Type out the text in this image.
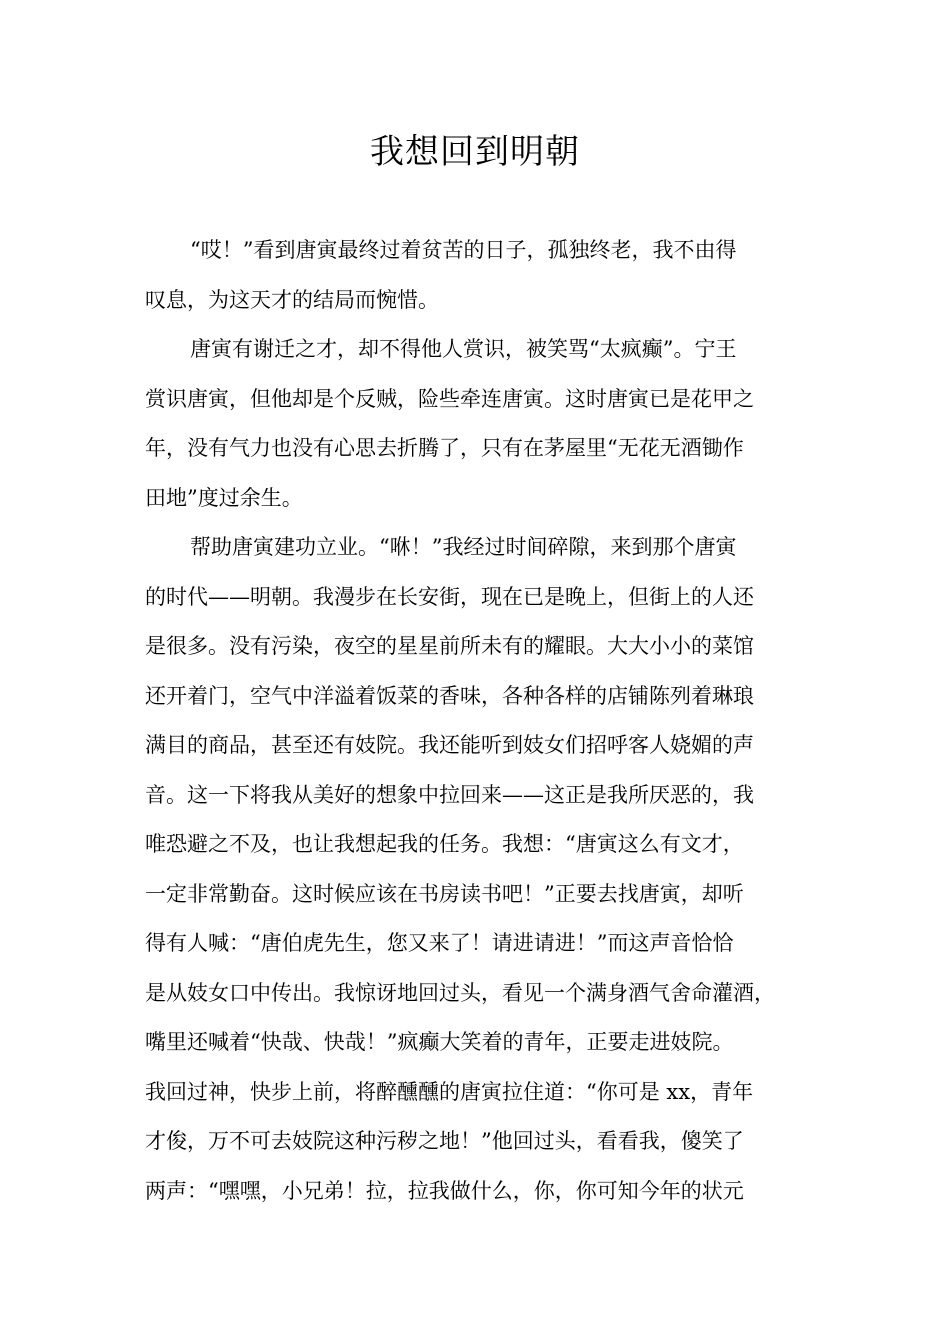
我想回到明朝
“哎！”看到唐寅最终过着贫苦的日子，孤独终老，我不由得
叹息，为这天才的结局而惋惜。
唐寅有谢迁之才，却不得他人赏识，被笑骂“太疯癫”。宁王
赏识唐寅，但他却是个反贼，险些牵连唐寅。这时唐寅已是花甲之
年，没有气力也没有心思去折腾了，只有在茅屋里“无花无酒锄作
田地”度过余生。
帮助唐寅建功立业。“咻！”我经过时间碎隙，来到那个唐寅
的时代——明朝。我漫步在长安街，现在已是晚上，但街上的人还
是很多。没有污染，夜空的星星前所未有的耀眼。大大小小的菜馆
还开着门，空气中洋溢着饭菜的香味，各种各样的店铺陈列着琳琅
满目的商品，甚至还有妓院。我还能听到妓女们招呼客人娆媚的声
音。这一下将我从美好的想象中拉回来——这正是我所厌恶的，我
唯恐避之不及，也让我想起我的任务。我想：“唐寅这么有文才，
一定非常勤奋。这时候应该在书房读书吧！”正要去找唐寅，却听
得有人喊：“唐伯虎先生，您又来了！请进请进！”而这声音恰恰
是从妓女口中传出。我惊讶地回过头，看见一个满身酒气舍命灌酒，
嘴里还喊着“快哉、快哉！”疯癫大笑着的青年，正要走进妓院。
我回过神，快步上前，将醉醺醺的唐寅拉住道：“你可是 xx，青年
才俊，万不可去妓院这种污秽之地！”他回过头，看看我，傻笑了
两声：“嘿嘿，小兄弟！拉，拉我做什么，你，你可知今年的状元
